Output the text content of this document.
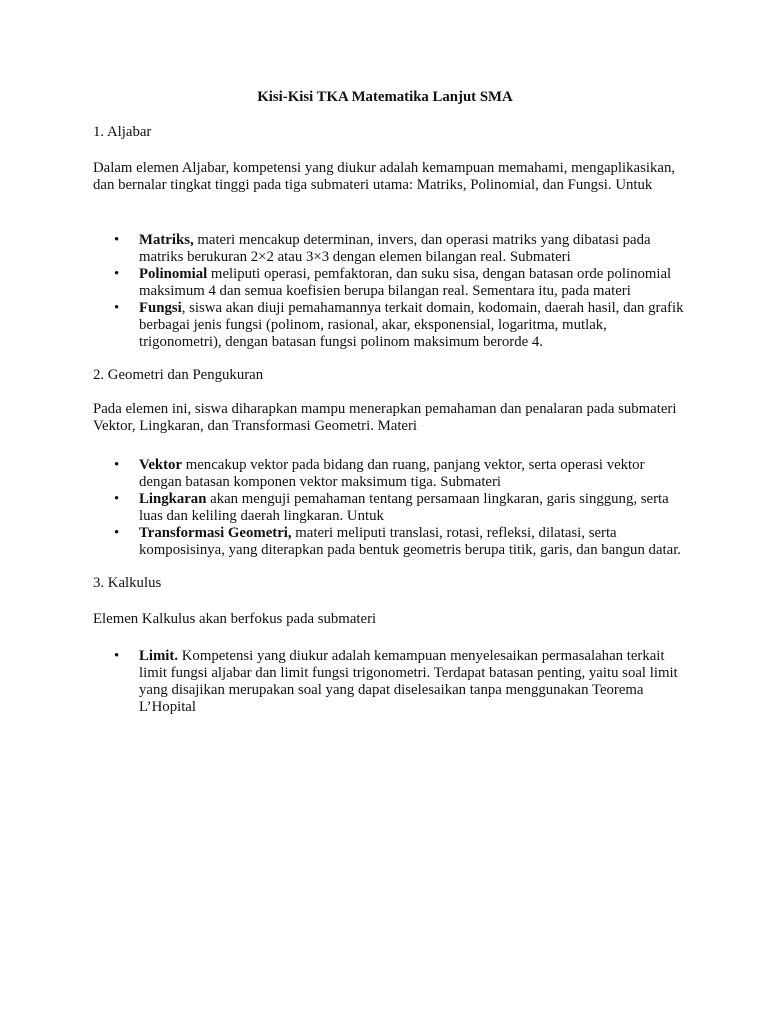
Kisi-Kisi TKA Matematika Lanjut SMA

1. Aljabar

Dalam elemen Aljabar, kompetensi yang diukur adalah kemampuan memahami, mengaplikasikan, dan bernalar tingkat tinggi pada tiga submateri utama: Matriks, Polinomial, dan Fungsi. Untuk

• Matriks, materi mencakup determinan, invers, dan operasi matriks yang dibatasi pada matriks berukuran 2×2 atau 3×3 dengan elemen bilangan real. Submateri
• Polinomial meliputi operasi, pemfaktoran, dan suku sisa, dengan batasan orde polinomial maksimum 4 dan semua koefisien berupa bilangan real. Sementara itu, pada materi
• Fungsi, siswa akan diuji pemahamannya terkait domain, kodomain, daerah hasil, dan grafik berbagai jenis fungsi (polinom, rasional, akar, eksponensial, logaritma, mutlak, trigonometri), dengan batasan fungsi polinom maksimum berorde 4.

2. Geometri dan Pengukuran

Pada elemen ini, siswa diharapkan mampu menerapkan pemahaman dan penalaran pada submateri Vektor, Lingkaran, dan Transformasi Geometri. Materi

• Vektor mencakup vektor pada bidang dan ruang, panjang vektor, serta operasi vektor dengan batasan komponen vektor maksimum tiga. Submateri
• Lingkaran akan menguji pemahaman tentang persamaan lingkaran, garis singgung, serta luas dan keliling daerah lingkaran. Untuk
• Transformasi Geometri, materi meliputi translasi, rotasi, refleksi, dilatasi, serta komposisinya, yang diterapkan pada bentuk geometris berupa titik, garis, dan bangun datar.

3. Kalkulus

Elemen Kalkulus akan berfokus pada submateri

• Limit. Kompetensi yang diukur adalah kemampuan menyelesaikan permasalahan terkait limit fungsi aljabar dan limit fungsi trigonometri. Terdapat batasan penting, yaitu soal limit yang disajikan merupakan soal yang dapat diselesaikan tanpa menggunakan Teorema L’Hopital
